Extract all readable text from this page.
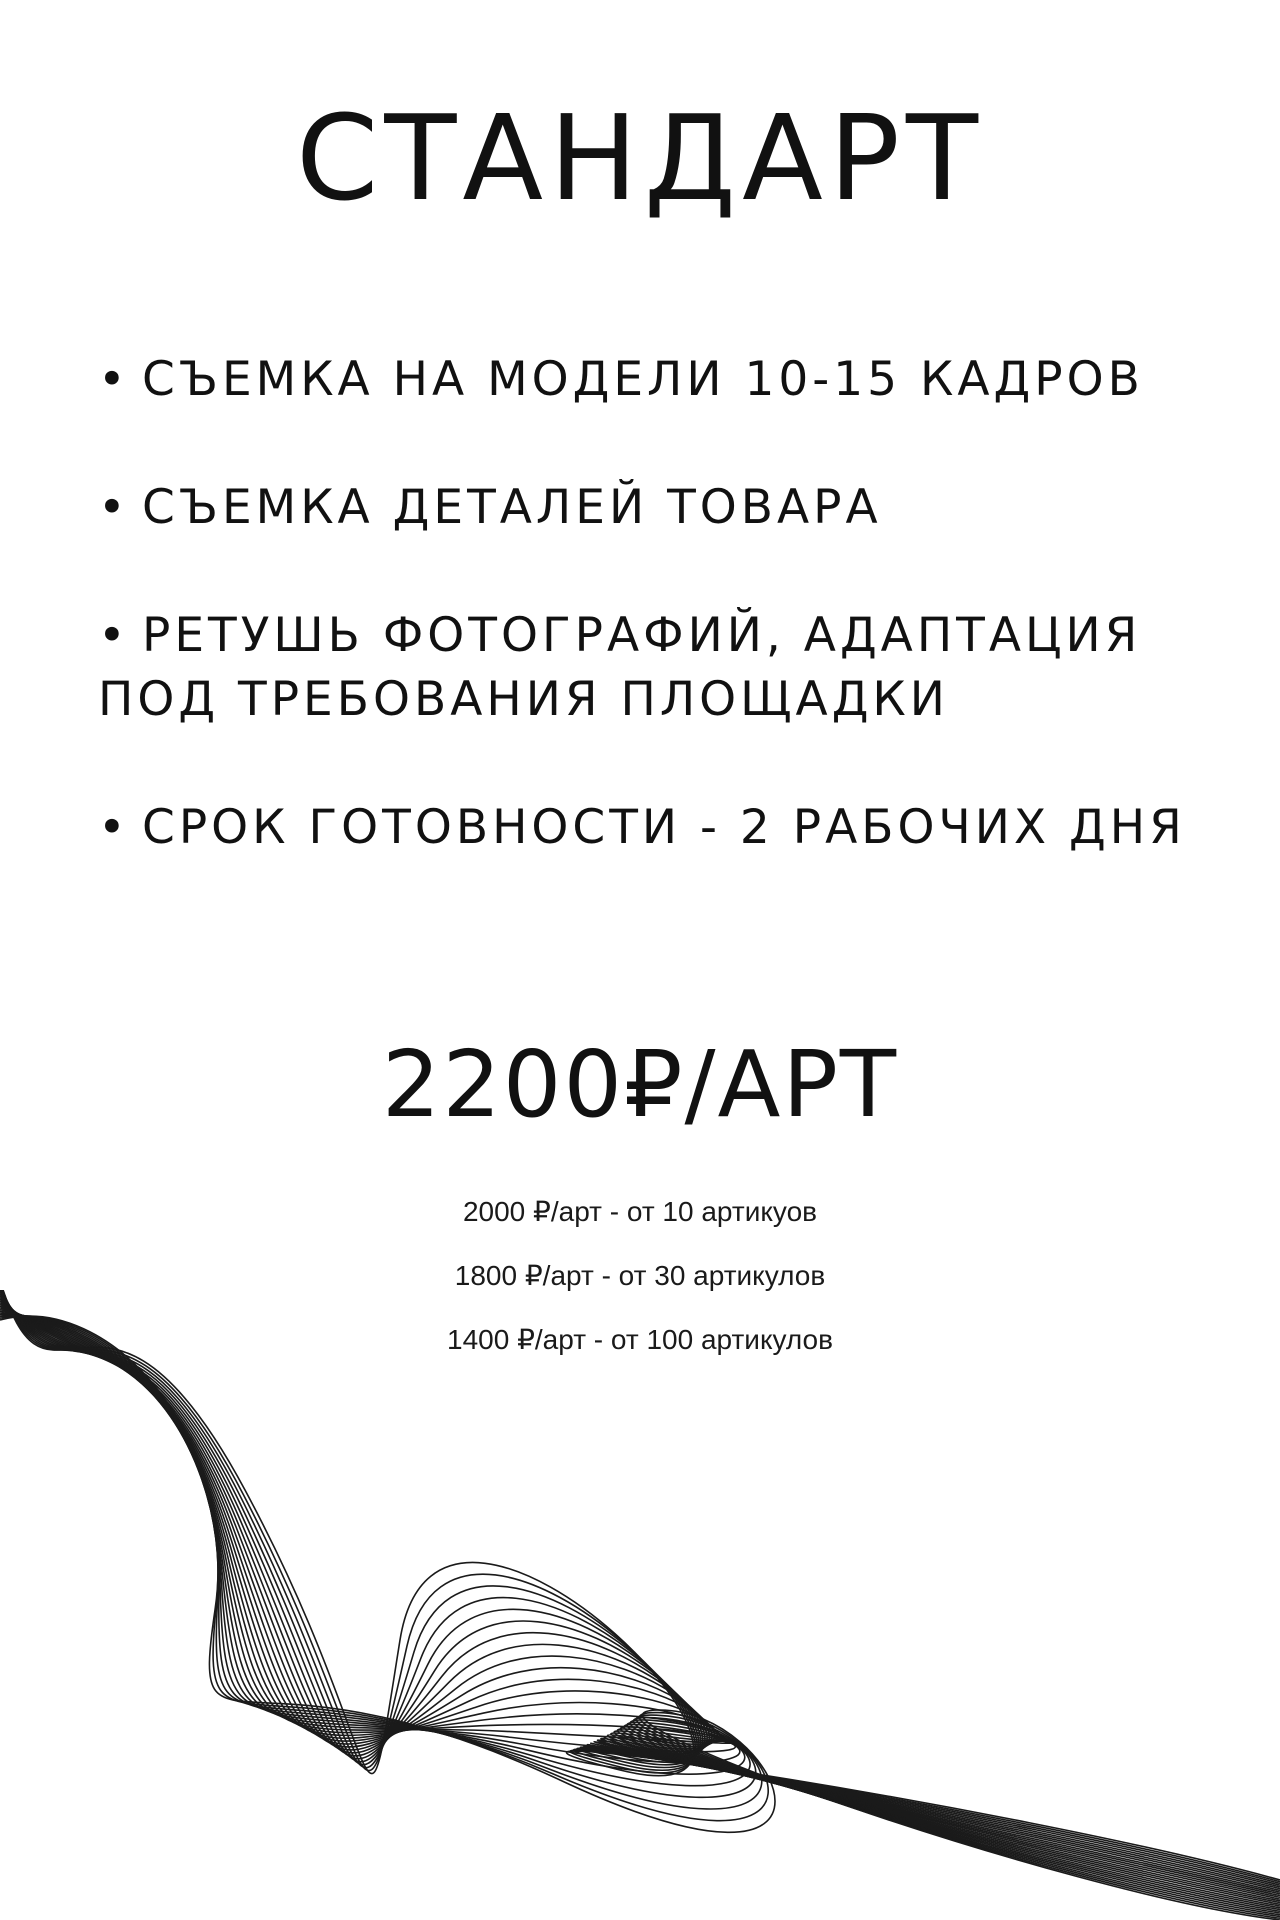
СТАНДАРТ
• СЪЕМКА НА МОДЕЛИ 10-15 КАДРОВ
• СЪЕМКА ДЕТАЛЕЙ ТОВАРА
• РЕТУШЬ ФОТОГРАФИЙ, АДАПТАЦИЯ ПОД ТРЕБОВАНИЯ ПЛОЩАДКИ
• СРОК ГОТОВНОСТИ - 2 РАБОЧИХ ДНЯ
2200₽/АРТ
2000 ₽/арт - от 10 артикуов
1800 ₽/арт - от 30 артикулов
1400 ₽/арт - от 100 артикулов
